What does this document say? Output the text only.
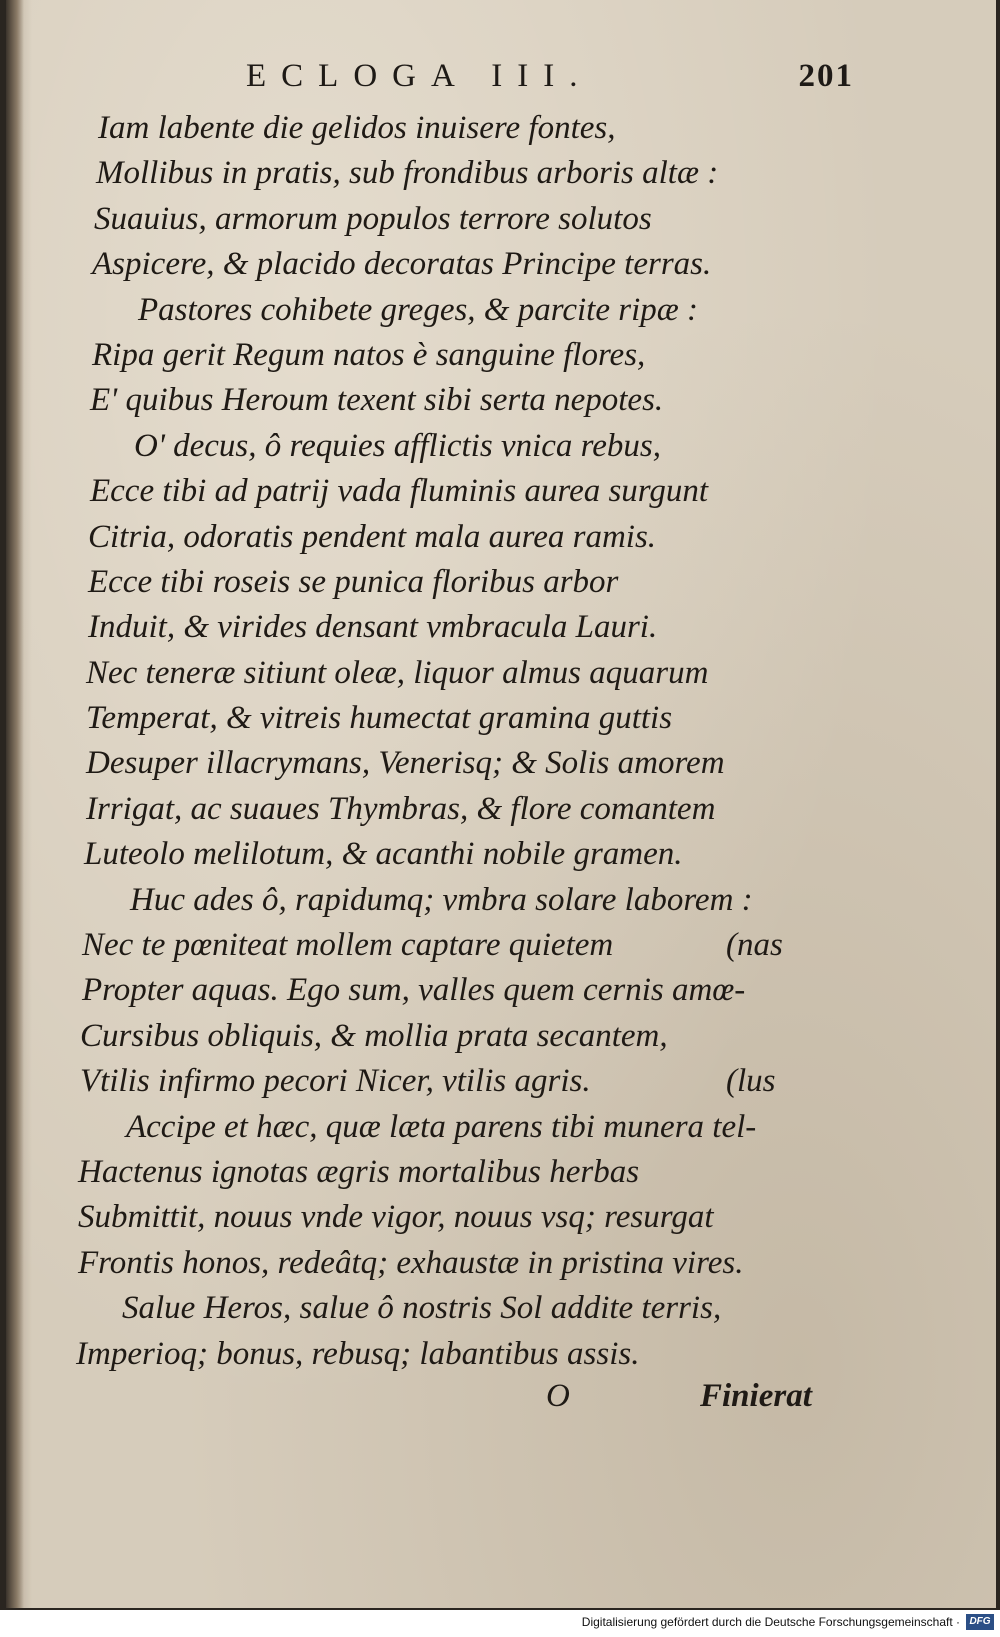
ECLOGA III.	201
Iam labente die gelidos inuisere fontes,
Mollibus in pratis, sub frondibus arboris altæ :
Suauius, armorum populos terrore solutos
Aspicere, & placido decoratas Principe terras.
Pastores cohibete greges, & parcite ripæ :
Ripa gerit Regum natos è sanguine flores,
E' quibus Heroum texent sibi serta nepotes.
O' decus, ô requies afflictis vnica rebus,
Ecce tibi ad patrij vada fluminis aurea surgunt
Citria, odoratis pendent mala aurea ramis.
Ecce tibi roseis se punica floribus arbor
Induit, & virides densant vmbracula Lauri.
Nec teneræ sitiunt oleæ, liquor almus aquarum
Temperat, & vitreis humectat gramina guttis
Desuper illacrymans, Venerisq; & Solis amorem
Irrigat, ac suaues Thymbras, & flore comantem
Luteolo melilotum, & acanthi nobile gramen.
Huc ades ô, rapidumq; vmbra solare laborem :
Nec te pœniteat mollem captare quietem	(nas
Propter aquas. Ego sum, valles quem cernis amœ-
Cursibus obliquis, & mollia prata secantem,
Vtilis infirmo pecori Nicer, vtilis agris.	(lus
Accipe et hæc, quæ læta parens tibi munera tel-
Hactenus ignotas ægris mortalibus herbas
Submittit, nouus vnde vigor, nouus vsq; resurgat
Frontis honos, redeâtq; exhaustæ in pristina vires.
Salue Heros, salue ô nostris Sol addite terris,
Imperioq; bonus, rebusq; labantibus assis.
O	Finierat
Digitalisierung gefördert durch die Deutsche Forschungsgemeinschaft · DFG
